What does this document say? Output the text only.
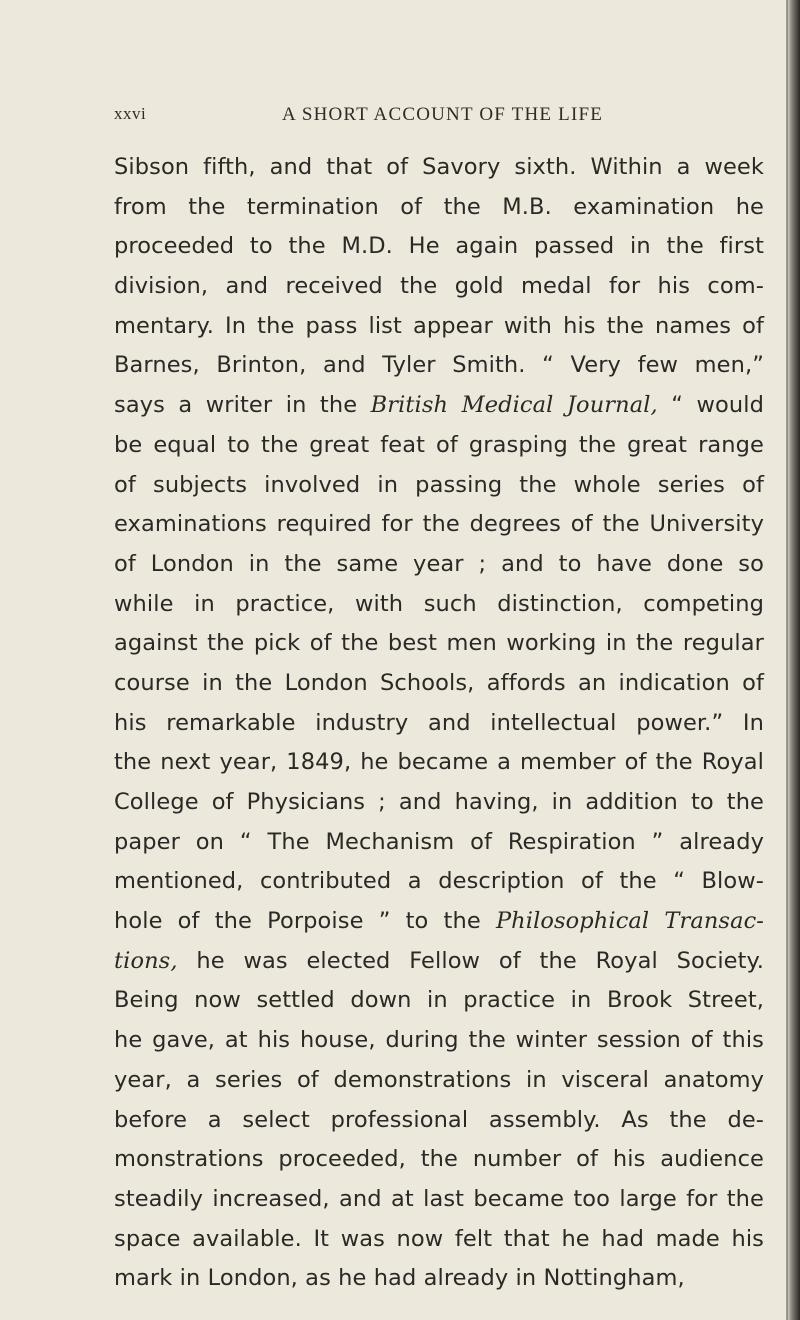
xxvi	A SHORT ACCOUNT OF THE LIFE
Sibson fifth, and that of Savory sixth. Within a week
from the termination of the M.B. examination he
proceeded to the M.D. He again passed in the first
division, and received the gold medal for his com-
mentary. In the pass list appear with his the names of
Barnes, Brinton, and Tyler Smith. “ Very few men,”
says a writer in the British Medical Journal, “ would
be equal to the great feat of grasping the great range
of subjects involved in passing the whole series of
examinations required for the degrees of the University
of London in the same year ; and to have done so
while in practice, with such distinction, competing
against the pick of the best men working in the regular
course in the London Schools, affords an indication of
his remarkable industry and intellectual power.” In
the next year, 1849, he became a member of the Royal
College of Physicians ; and having, in addition to the
paper on “ The Mechanism of Respiration ” already
mentioned, contributed a description of the “ Blow-
hole of the Porpoise ” to the Philosophical Transac-
tions, he was elected Fellow of the Royal Society.
Being now settled down in practice in Brook Street,
he gave, at his house, during the winter session of this
year, a series of demonstrations in visceral anatomy
before a select professional assembly. As the de-
monstrations proceeded, the number of his audience
steadily increased, and at last became too large for the
space available. It was now felt that he had made his
mark in London, as he had already in Nottingham,
